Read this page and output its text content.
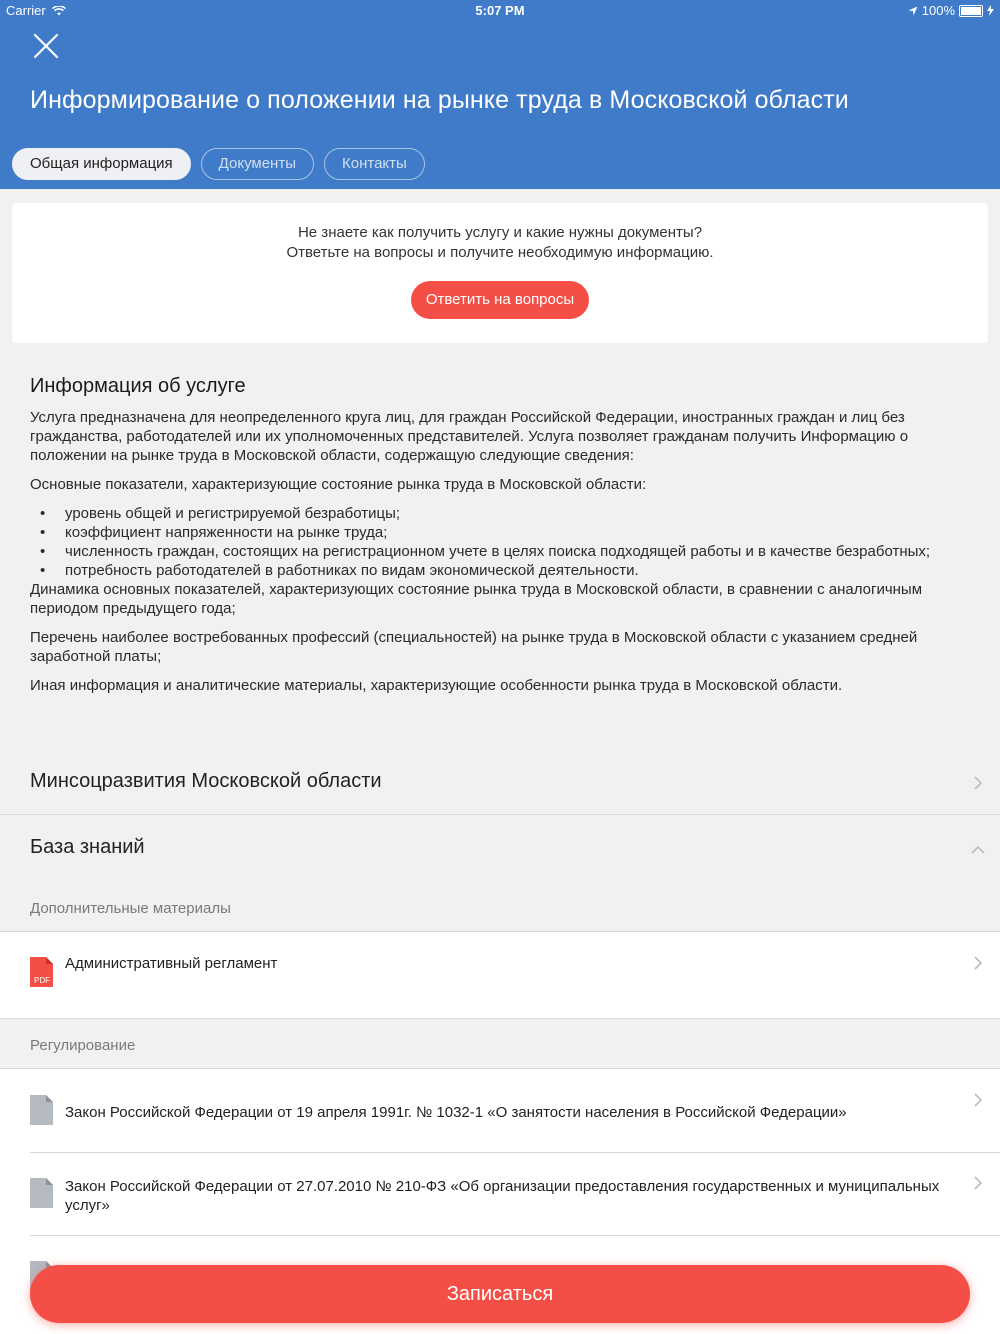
Carrier	5:07 PM	100%
Информирование о положении на рынке труда в Московской области
Общая информация	Документы	Контакты
Не знаете как получить услугу и какие нужны документы?
Ответьте на вопросы и получите необходимую информацию.
Ответить на вопросы
Информация об услуге

Услуга предназначена для неопределенного круга лиц, для граждан Российской Федерации, иностранных граждан и лиц без гражданства, работодателей или их уполномоченных представителей. Услуга позволяет гражданам получить Информацию о положении на рынке труда в Московской области, содержащую следующие сведения:

Основные показатели, характеризующие состояние рынка труда в Московской области:

• уровень общей и регистрируемой безработицы;
• коэффициент напряженности на рынке труда;
• численность граждан, состоящих на регистрационном учете в целях поиска подходящей работы и в качестве безработных;
• потребность работодателей в работниках по видам экономической деятельности.

Динамика основных показателей, характеризующих состояние рынка труда в Московской области, в сравнении с аналогичным периодом предыдущего года;

Перечень наиболее востребованных профессий (специальностей) на рынке труда в Московской области с указанием средней заработной платы;

Иная информация и аналитические материалы, характеризующие особенности рынка труда в Московской области.

Минсоцразвития Московской области
База знаний
Дополнительные материалы
PDF
Административный регламент
Регулирование
Закон Российской Федерации от 19 апреля 1991г. № 1032-1 «О занятости населения в Российской Федерации»
Закон Российской Федерации от 27.07.2010 № 210-ФЗ «Об организации предоставления государственных и муниципальных услуг»
Записаться
